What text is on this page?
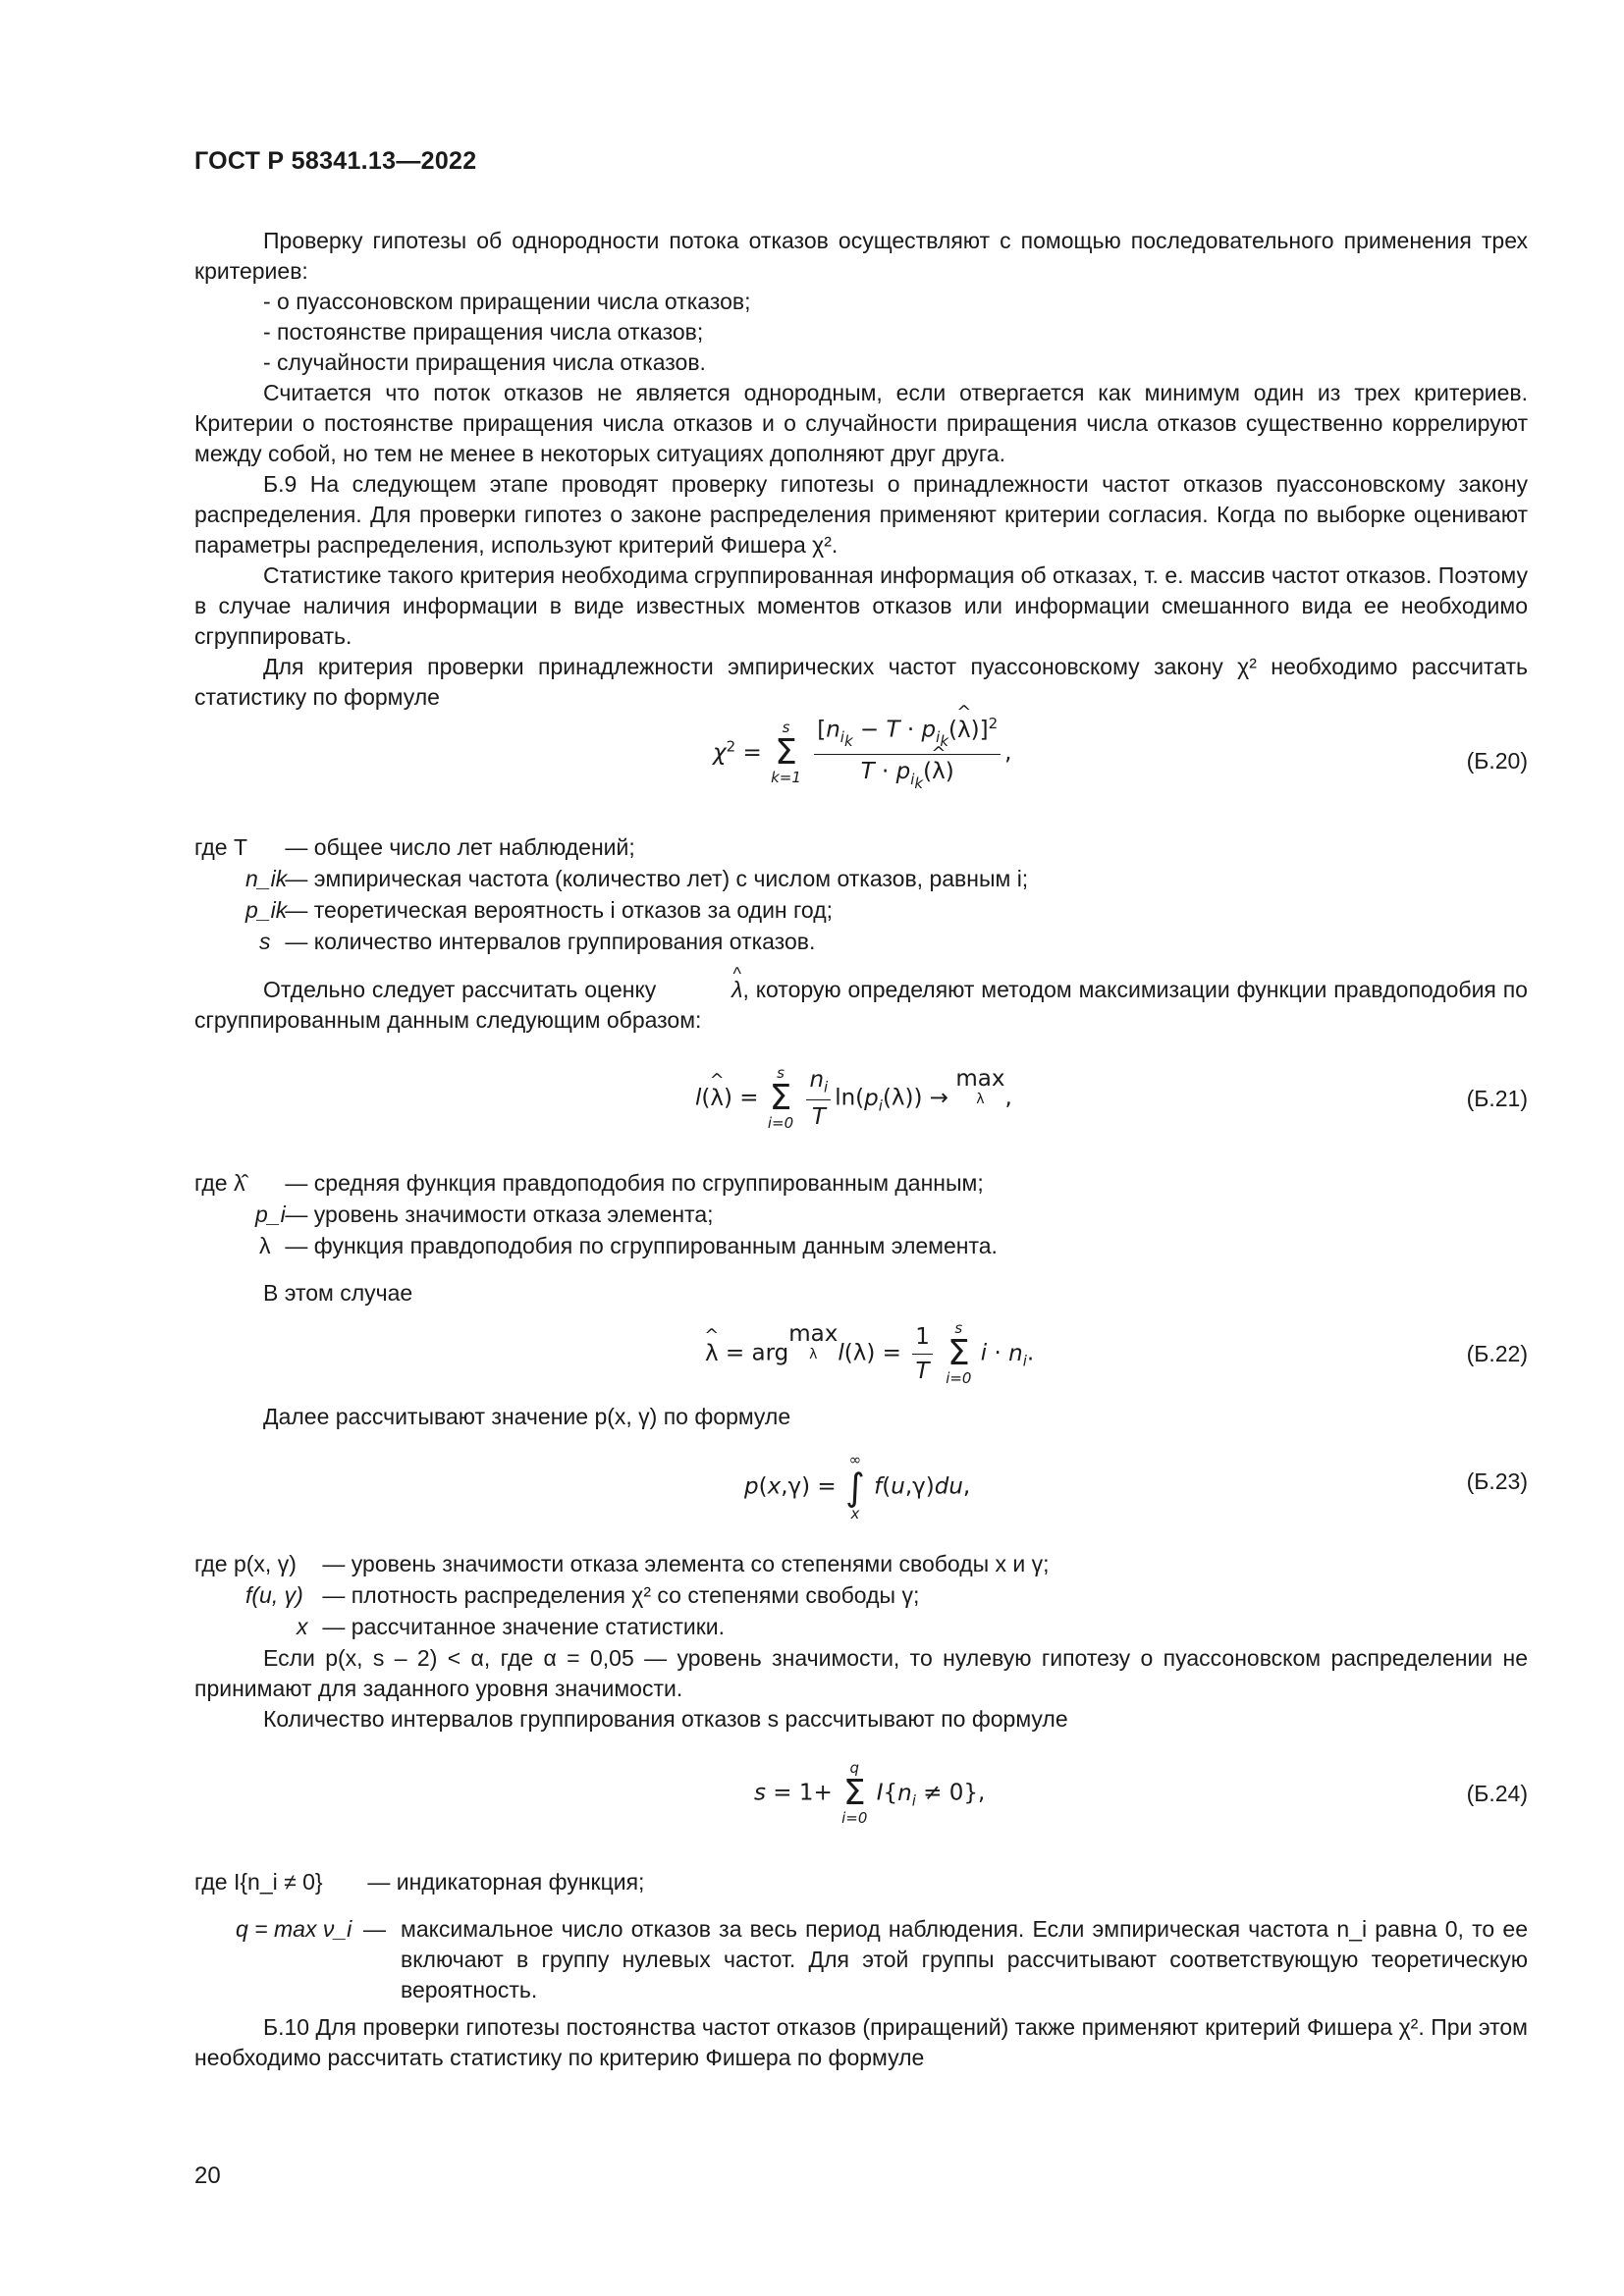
ГОСТ Р 58341.13—2022

Проверку гипотезы об однородности потока отказов осуществляют с помощью последовательного применения трех критериев:

- о пуассоновском приращении числа отказов;

- постоянстве приращения числа отказов;

- случайности приращения числа отказов.

Считается что поток отказов не является однородным, если отвергается как минимум один из трех критериев. Критерии о постоянстве приращения числа отказов и о случайности приращения числа отказов существенно коррелируют между собой, но тем не менее в некоторых ситуациях дополняют друг друга.

Б.9 На следующем этапе проводят проверку гипотезы о принадлежности частот отказов пуассоновскому закону распределения. Для проверки гипотез о законе распределения применяют критерии согласия. Когда по выборке оценивают параметры распределения, используют критерий Фишера χ².

Статистике такого критерия необходима сгруппированная информация об отказах, т. е. массив частот отказов. Поэтому в случае наличия информации в виде известных моментов отказов или информации смешанного вида ее необходимо сгруппировать.

Для критерия проверки принадлежности эмпирических частот пуассоновскому закону χ² необходимо рассчитать статистику по формуле

$\chi^2$ =
s
Σ
k=1
$\frac{[n_{i_k} - T \cdot p_{i_k}(\^{} \lambda)]^2}{T \cdot p_{i_k}(\^{} \lambda)}$ ,	(Б.20)
где T — общее число лет наблюдений;
n_ik — эмпирическая частота (количество лет) с числом отказов, равным i;
p_ik — теоретическая вероятность i отказов за один год;
s — количество интервалов группирования отказов.

Отдельно следует рассчитать оценку ^	λ, которую определяют методом максимизации функции правдоподобия по сгруппированным данным следующим образом:

l(^ λ) =
s
Σ
i=0
$\frac{n_i}{T} \ln(p_i(\lambda))$ →
max
λ ,	(Б.21)
где λ̂ — средняя функция правдоподобия по сгруппированным данным;
p_i — уровень значимости отказа элемента;
λ — функция правдоподобия по сгруппированным данным элемента.

В этом случае

^ λ = arg
max
λ $l(\lambda) = \frac{1}{T}$
	s
Σ
i=0
$i \cdot n_i$.	(Б.22)

Далее рассчитывают значение p(x, γ) по формуле

p(x,γ) =
∞
∫
x
f(u,γ)du,	(Б.23)
где p(x, γ) — уровень значимости отказа элемента со степенями свободы x и γ;
f(u, γ) — плотность распределения χ² со степенями свободы γ;
x — рассчитанное значение статистики.

Если p(x, s – 2) < α, где α = 0,05 — уровень значимости, то нулевую гипотезу о пуассоновском распределении не принимают для заданного уровня значимости.

Количество интервалов группирования отказов s рассчитывают по формуле

s = 1+
q
Σ
i=0
$I\{n_i \ne 0\}$,	(Б.24)
где I{n_i ≠ 0} — индикаторная функция;
q = max ν_i — максимальное число отказов за весь период наблюдения. Если эмпирическая частота n_i равна 0, то ее включают в группу нулевых частот. Для этой группы рассчитывают соответствующую теоретическую вероятность.

Б.10 Для проверки гипотезы постоянства частот отказов (приращений) также применяют критерий Фишера χ². При этом необходимо рассчитать статистику по критерию Фишера по формуле

20
